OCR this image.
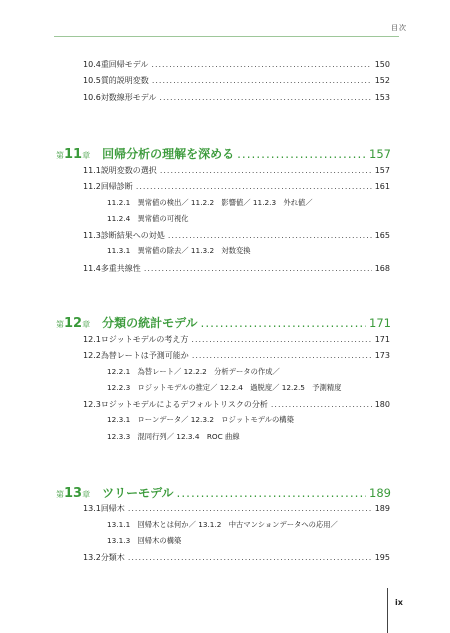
目次
10.4 重回帰モデル .....	150
10.5 質的説明変数 .....	152
10.6 対数線形モデル .....	153
第11章 回帰分析の理解を深める .....	157
11.1 説明変数の選択 .....	157
11.2 回帰診断 .....	161
11.2.1　異常値の検出／ 11.2.2　影響値／ 11.2.3　外れ値／
11.2.4　異常値の可視化
11.3 診断結果への対処 .....	165
11.3.1　異常値の除去／ 11.3.2　対数変換
11.4 多重共線性 .....	168
第12章 分類の統計モデル .....	171
12.1 ロジットモデルの考え方 .....	171
12.2 為替レートは予測可能か .....	173
12.2.1　為替レート／ 12.2.2　分析データの作成／
12.2.3　ロジットモデルの推定／ 12.2.4　過脱度／ 12.2.5　予測精度
12.3 ロジットモデルによるデフォルトリスクの分析 .....	180
12.3.1　ローンデータ／ 12.3.2　ロジットモデルの構築
12.3.3　混同行列／ 12.3.4　ROC 曲線
第13章 ツリーモデル .....	189
13.1 回帰木 .....	189
13.1.1　回帰木とは何か／ 13.1.2　中古マンションデータへの応用／
13.1.3　回帰木の構築
13.2 分類木 .....	195
ix
